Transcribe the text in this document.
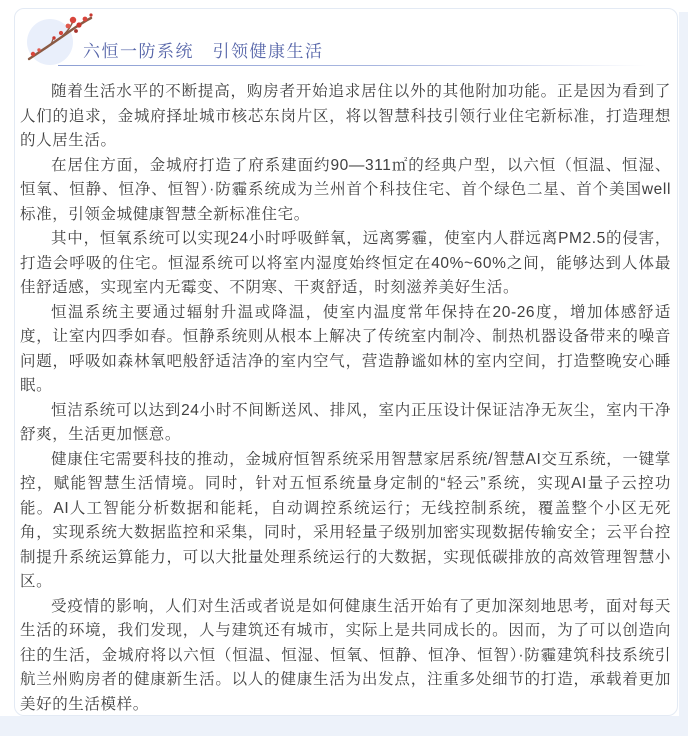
六恒一防系统　引领健康生活

随着生活水平的不断提高，购房者开始追求居住以外的其他附加功能。正是因为看到了人们的追求，金城府择址城市核芯东岗片区，将以智慧科技引领行业住宅新标准，打造理想的人居生活。

在居住方面，金城府打造了府系建面约90—311㎡的经典户型，以六恒（恒温、恒湿、恒氧、恒静、恒净、恒智）·防霾系统成为兰州首个科技住宅、首个绿色二星、首个美国well标准，引领金城健康智慧全新标准住宅。

其中，恒氧系统可以实现24小时呼吸鲜氧，远离雾霾，使室内人群远离PM2.5的侵害，打造会呼吸的住宅。恒湿系统可以将室内湿度始终恒定在40%~60%之间，能够达到人体最佳舒适感，实现室内无霉变、不阴寒、干爽舒适，时刻滋养美好生活。

恒温系统主要通过辐射升温或降温，使室内温度常年保持在20-26度，增加体感舒适度，让室内四季如春。恒静系统则从根本上解决了传统室内制冷、制热机器设备带来的噪音问题，呼吸如森林氧吧般舒适洁净的室内空气，营造静谧如林的室内空间，打造整晚安心睡眠。

恒洁系统可以达到24小时不间断送风、排风，室内正压设计保证洁净无灰尘，室内干净舒爽，生活更加惬意。

健康住宅需要科技的推动，金城府恒智系统采用智慧家居系统/智慧AI交互系统，一键掌控，赋能智慧生活情境。同时，针对五恒系统量身定制的“轻云”系统，实现AI量子云控功能。AI人工智能分析数据和能耗，自动调控系统运行；无线控制系统，覆盖整个小区无死角，实现系统大数据监控和采集，同时，采用轻量子级别加密实现数据传输安全；云平台控制提升系统运算能力，可以大批量处理系统运行的大数据，实现低碳排放的高效管理智慧小区。

受疫情的影响，人们对生活或者说是如何健康生活开始有了更加深刻地思考，面对每天生活的环境，我们发现，人与建筑还有城市，实际上是共同成长的。因而，为了可以创造向往的生活，金城府将以六恒（恒温、恒湿、恒氧、恒静、恒净、恒智）·防霾建筑科技系统引航兰州购房者的健康新生活。以人的健康生活为出发点，注重多处细节的打造，承载着更加美好的生活模样。
